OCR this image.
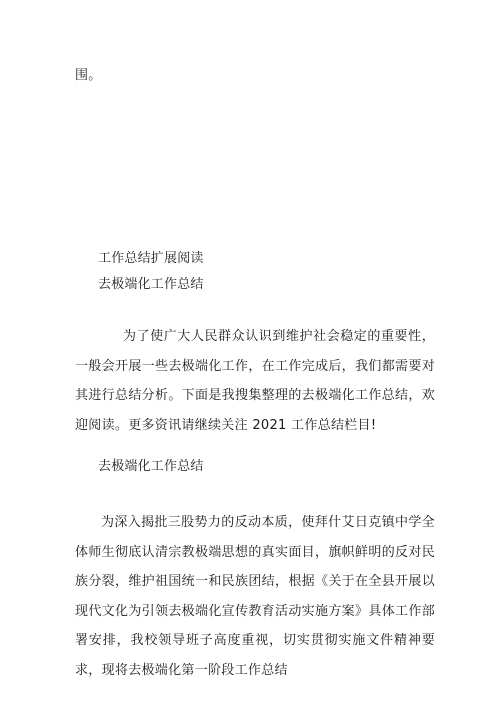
围。
工作总结扩展阅读
去极端化工作总结
为了使广大人民群众认识到维护社会稳定的重要性，一般会开展一些去极端化工作，在工作完成后，我们都需要对其进行总结分析。下面是我搜集整理的去极端化工作总结，欢迎阅读。更多资讯请继续关注 2021 工作总结栏目!
去极端化工作总结
为深入揭批三股势力的反动本质，使拜什艾日克镇中学全体师生彻底认清宗教极端思想的真实面目，旗帜鲜明的反对民族分裂，维护祖国统一和民族团结，根据《关于在全县开展以现代文化为引领去极端化宣传教育活动实施方案》具体工作部署安排，我校领导班子高度重视，切实贯彻实施文件精神要求，现将去极端化第一阶段工作总结
